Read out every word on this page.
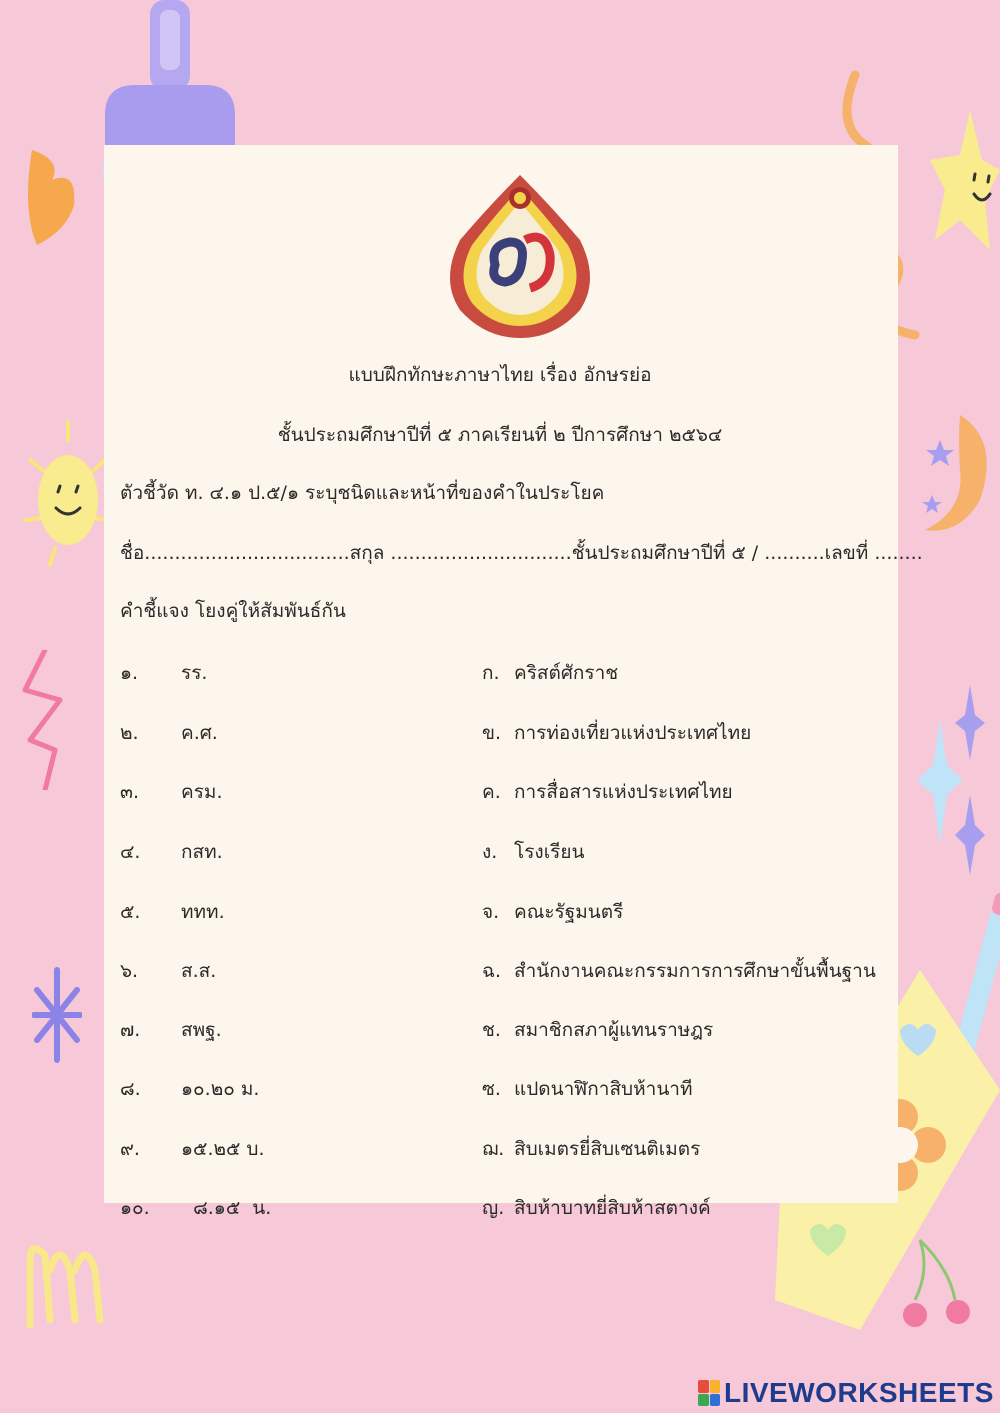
แบบฝึกทักษะภาษาไทย เรื่อง อักษรย่อ
ชั้นประถมศึกษาปีที่ ๕ ภาคเรียนที่ ๒ ปีการศึกษา ๒๕๖๔
ตัวชี้วัด ท. ๔.๑ ป.๕/๑ ระบุชนิดและหน้าที่ของคำในประโยค
ชื่อ..................................สกุล ..............................ชั้นประถมศึกษาปีที่ ๕ / ..........เลขที่ ........
คำชี้แจง โยงคู่ให้สัมพันธ์กัน
๑. รร.	ก. คริสต์ศักราช
๒. ค.ศ.	ข. การท่องเที่ยวแห่งประเทศไทย
๓. ครม.	ค. การสื่อสารแห่งประเทศไทย
๔. กสท.	ง. โรงเรียน
๕. ททท.	จ. คณะรัฐมนตรี
๖. ส.ส.	ฉ. สำนักงานคณะกรรมการการศึกษาขั้นพื้นฐาน
๗. สพฐ.	ช. สมาชิกสภาผู้แทนราษฎร
๘. ๑๐.๒๐ ม.	ซ. แปดนาฬิกาสิบห้านาที
๙. ๑๕.๒๕ บ.	ฌ. สิบเมตรยี่สิบเซนติเมตร
๑๐. ๘.๑๕  น.	ญ. สิบห้าบาทยี่สิบห้าสตางค์
LIVEWORKSHEETS
